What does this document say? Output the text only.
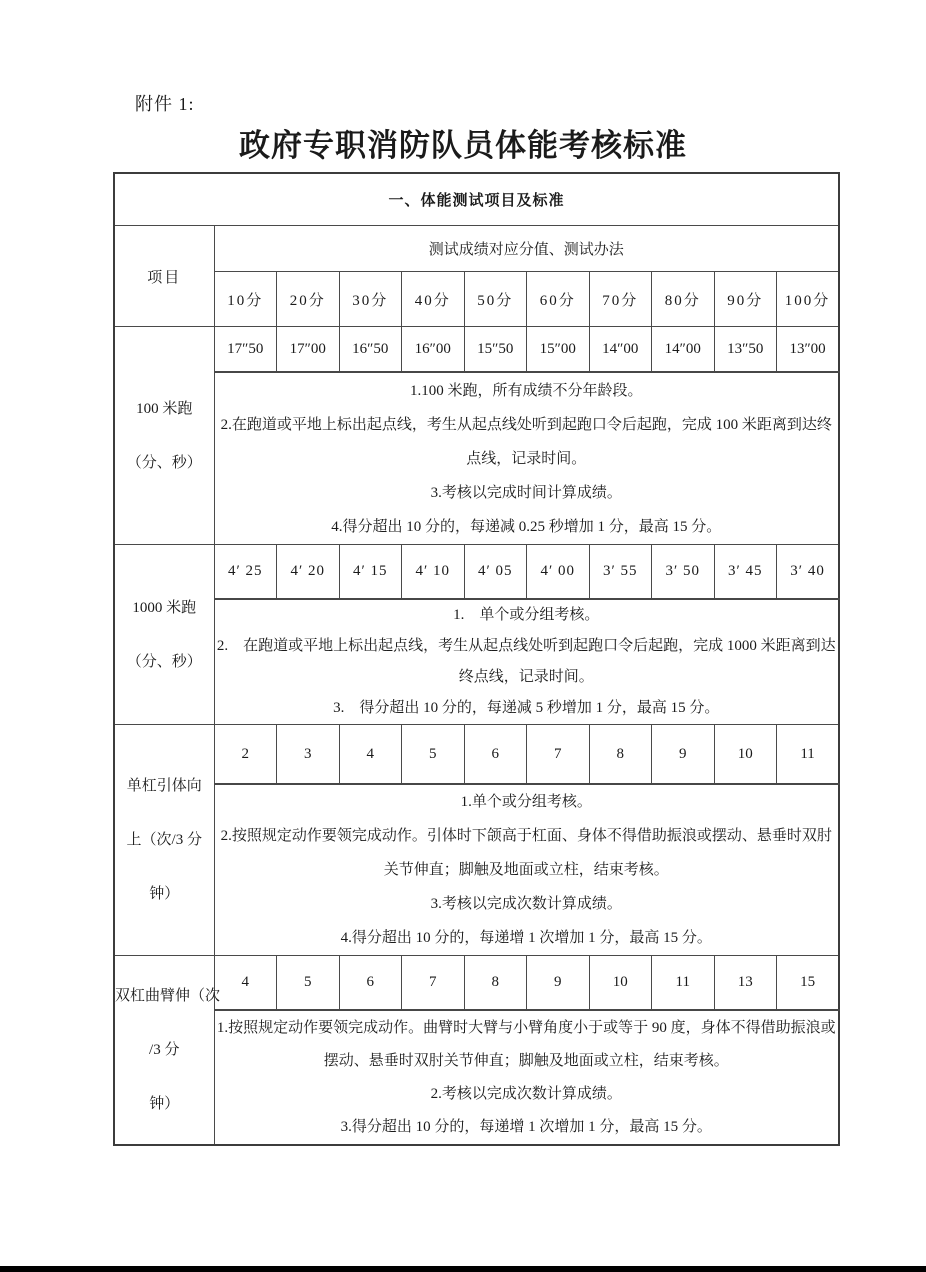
附件 1:
政府专职消防队员体能考核标准
一、体能测试项目及标准										
项目	测试成绩对应分值、测试办法									
	10分	20分	30分	40分	50分	60分	70分	80分	90分	100分

100 米跑
（分、秒）	17″50	17″00	16″50	16″00	15″50	15″00	14″00	14″00	13″50	13″00

	1.100 米跑，所有成绩不分年龄段。

2.在跑道或平地上标出起点线，考生从起点线处听到起跑口令后起跑，完成 100 米距离到达终点线，记录时间。

3.考核以完成时间计算成绩。

4.得分超出 10 分的，每递减 0.25 秒增加 1 分，最高 15 分。									

1000 米跑
（分、秒）	4′ 25	4′ 20	4′ 15	4′ 10	4′ 05	4′ 00	3′ 55	3′ 50	3′ 45	3′ 40

	1. 单个或分组考核。

2. 在跑道或平地上标出起点线，考生从起点线处听到起跑口令后起跑，完成 1000 米距离到达终点线，记录时间。

3. 得分超出 10 分的，每递减 5 秒增加 1 分，最高 15 分。									

单杠引体向
上（次/3 分
钟）	2	3	4	5	6	7	8	9	10	11

	1.单个或分组考核。

2.按照规定动作要领完成动作。引体时下颌高于杠面、身体不得借助振浪或摆动、悬垂时双肘关节伸直；脚触及地面或立柱，结束考核。

3.考核以完成次数计算成绩。

4.得分超出 10 分的，每递增 1 次增加 1 分，最高 15 分。									

双杠曲臂伸（次
/3 分
钟）	4	5	6	7	8	9	10	11	13	15

	1.按照规定动作要领完成动作。曲臂时大臂与小臂角度小于或等于 90 度，身体不得借助振浪或摆动、悬垂时双肘关节伸直；脚触及地面或立柱，结束考核。

2.考核以完成次数计算成绩。

3.得分超出 10 分的，每递增 1 次增加 1 分，最高 15 分。									
